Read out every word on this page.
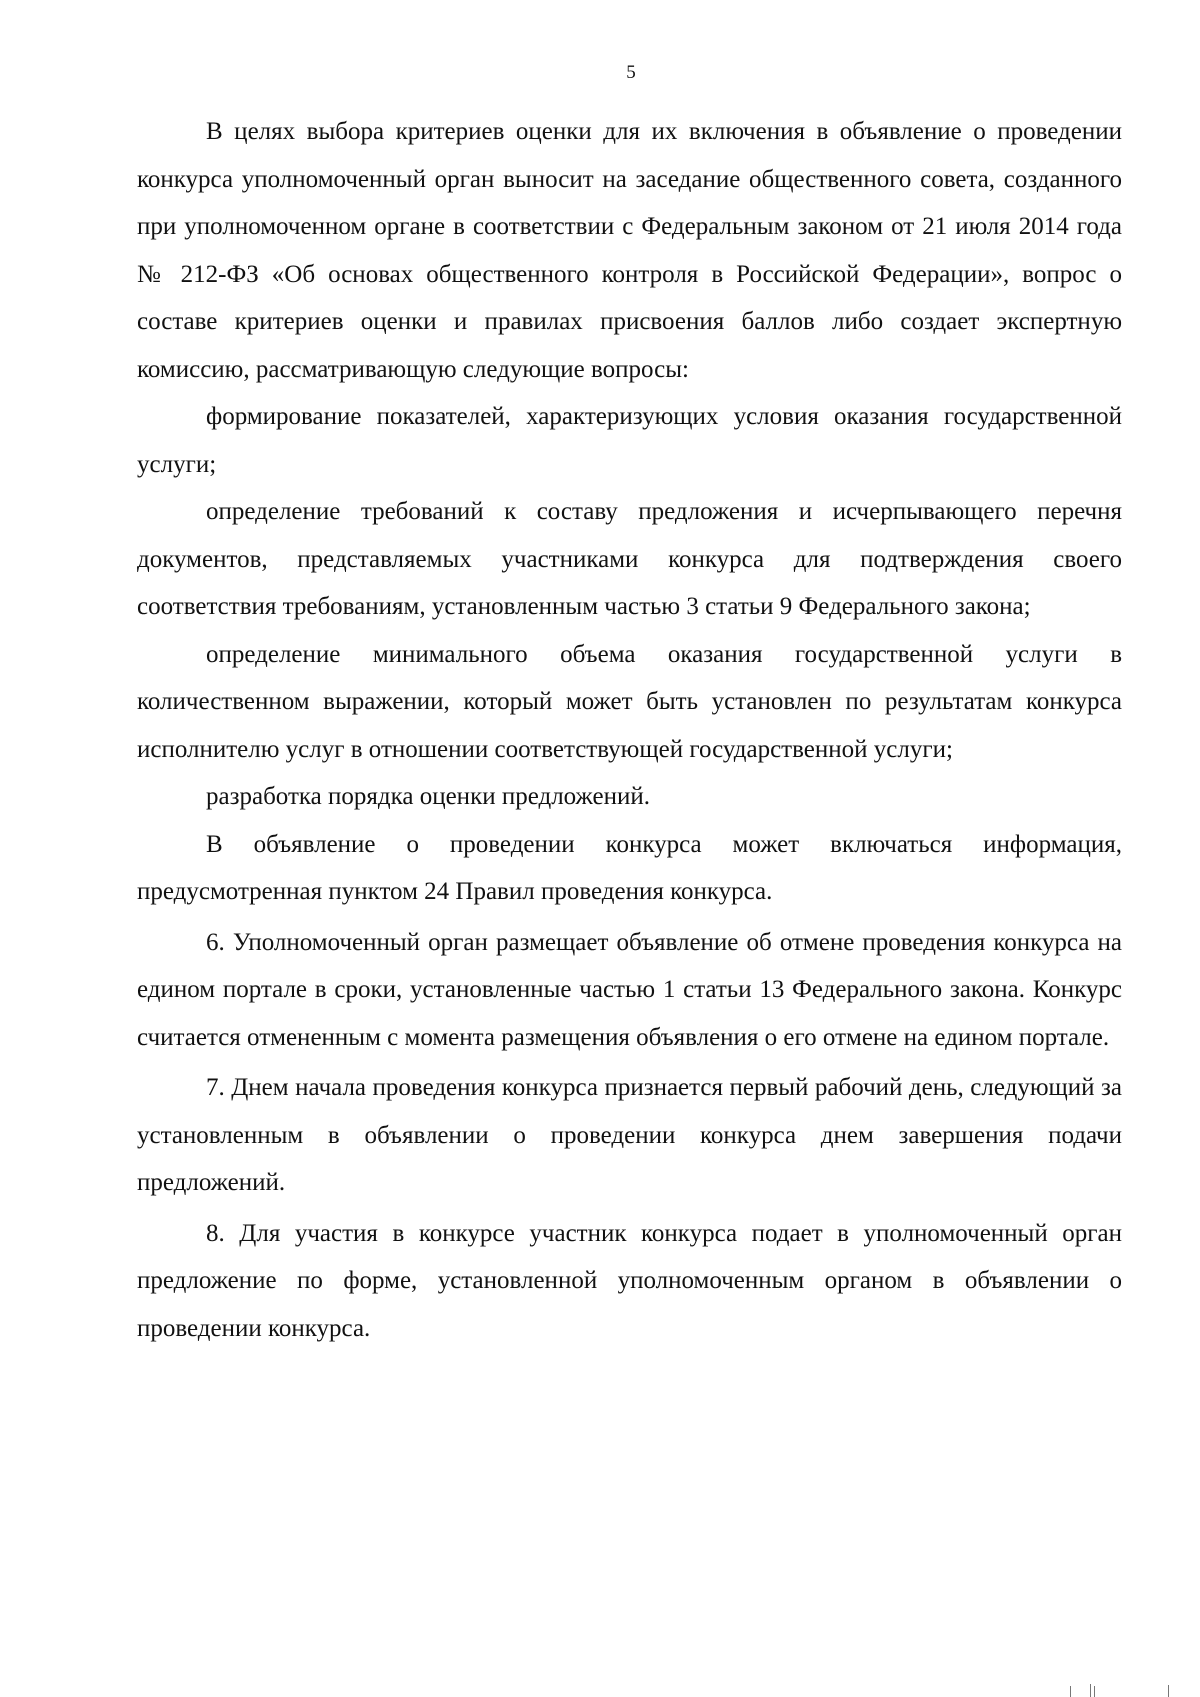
5

В целях выбора критериев оценки для их включения в объявление о проведении конкурса уполномоченный орган выносит на заседание общественного совета, созданного при уполномоченном органе в соответствии с Федеральным законом от 21 июля 2014 года № 212-ФЗ «Об основах общественного контроля в Российской Федерации», вопрос о составе критериев оценки и правилах присвоения баллов либо создает экспертную комиссию, рассматривающую следующие вопросы:

формирование показателей, характеризующих условия оказания государственной услуги;

определение требований к составу предложения и исчерпывающего перечня документов, представляемых участниками конкурса для подтверждения своего соответствия требованиям, установленным частью 3 статьи 9 Федерального закона;

определение минимального объема оказания государственной услуги в количественном выражении, который может быть установлен по результатам конкурса исполнителю услуг в отношении соответствующей государственной услуги;

разработка порядка оценки предложений.

В объявление о проведении конкурса может включаться информация, предусмотренная пунктом 24 Правил проведения конкурса.

6. Уполномоченный орган размещает объявление об отмене проведения конкурса на едином портале в сроки, установленные частью 1 статьи 13 Федерального закона. Конкурс считается отмененным с момента размещения объявления о его отмене на едином портале.

7. Днем начала проведения конкурса признается первый рабочий день, следующий за установленным в объявлении о проведении конкурса днем завершения подачи предложений.

8. Для участия в конкурсе участник конкурса подает в уполномоченный орган предложение по форме, установленной уполномоченным органом в объявлении о проведении конкурса.
